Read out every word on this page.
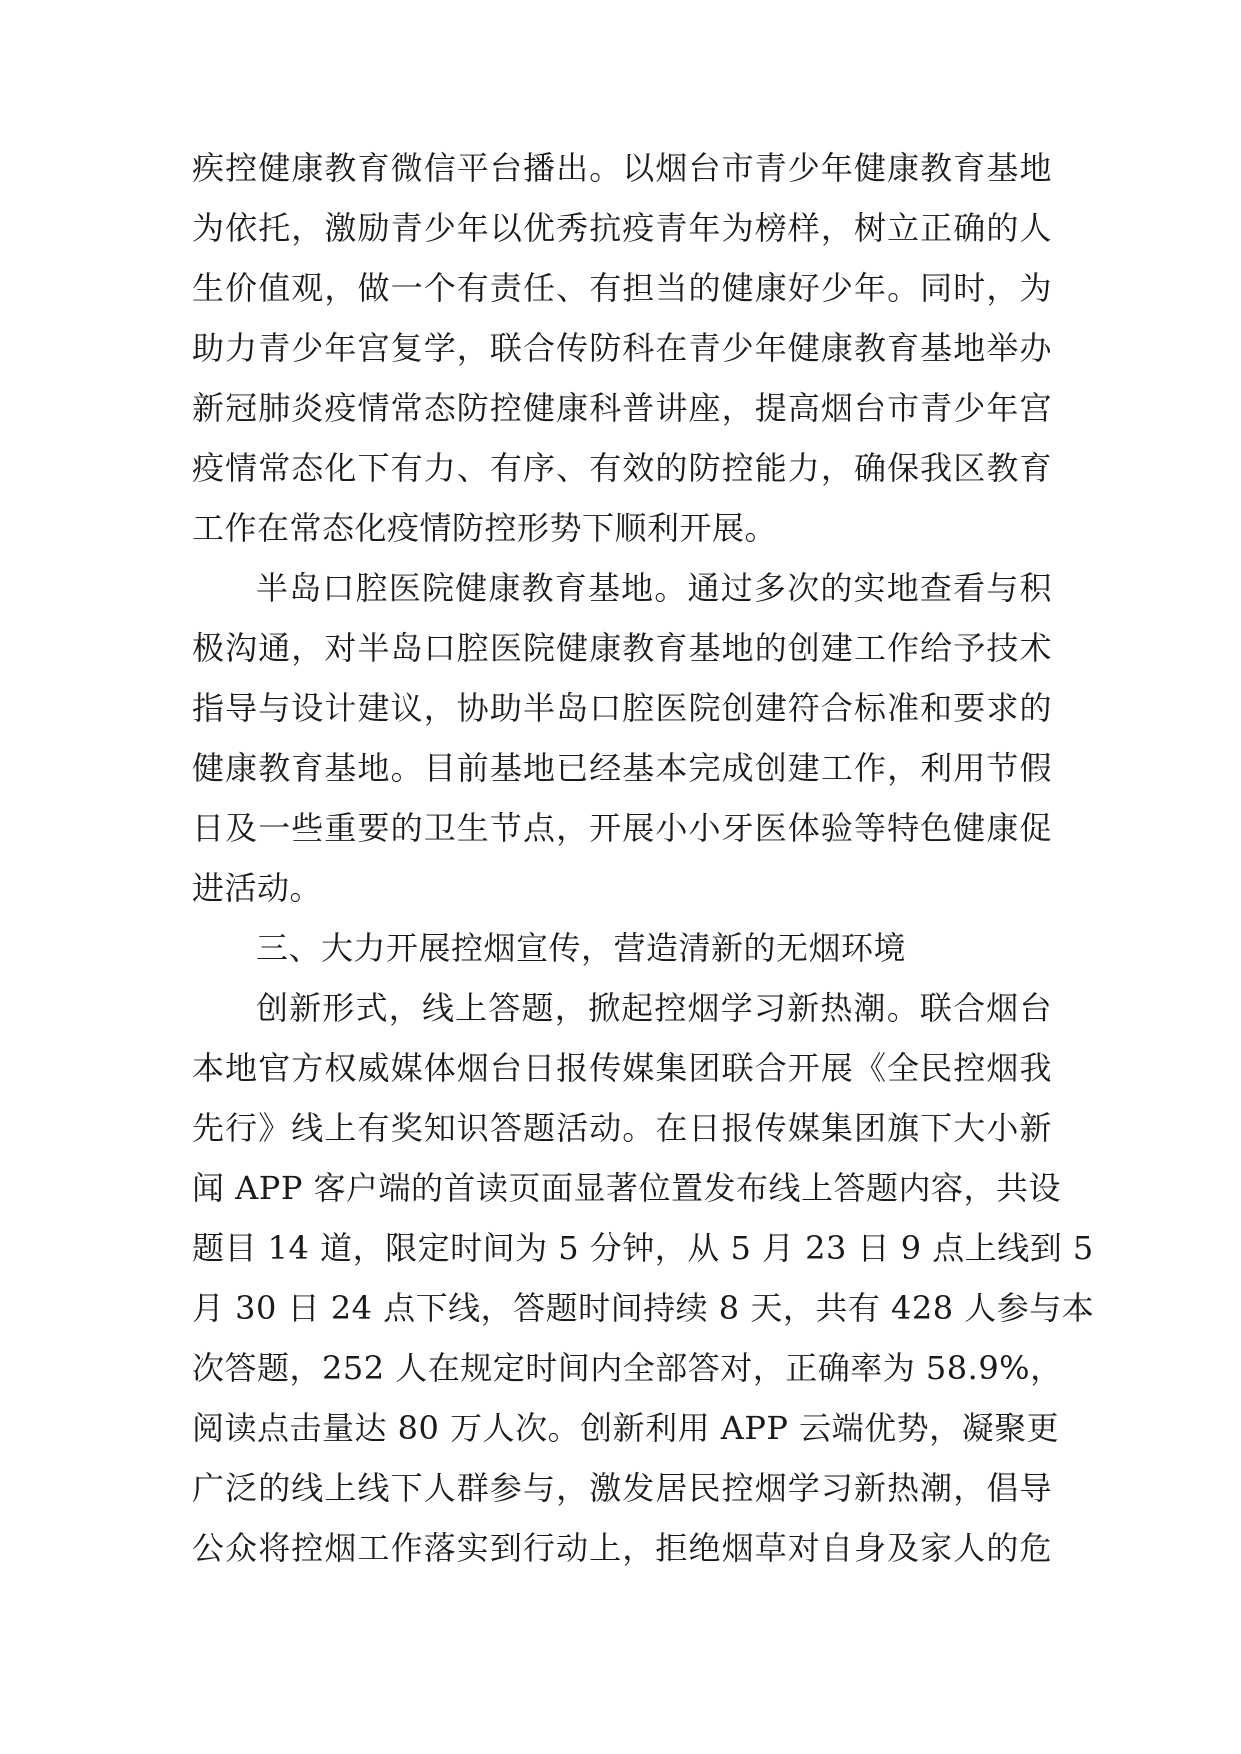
疾控健康教育微信平台播出。以烟台市青少年健康教育基地
为依托，激励青少年以优秀抗疫青年为榜样，树立正确的人
生价值观，做一个有责任、有担当的健康好少年。同时，为
助力青少年宫复学，联合传防科在青少年健康教育基地举办
新冠肺炎疫情常态防控健康科普讲座，提高烟台市青少年宫
疫情常态化下有力、有序、有效的防控能力，确保我区教育
工作在常态化疫情防控形势下顺利开展。
半岛口腔医院健康教育基地。通过多次的实地查看与积
极沟通，对半岛口腔医院健康教育基地的创建工作给予技术
指导与设计建议，协助半岛口腔医院创建符合标准和要求的
健康教育基地。目前基地已经基本完成创建工作，利用节假
日及一些重要的卫生节点，开展小小牙医体验等特色健康促
进活动。
三、大力开展控烟宣传，营造清新的无烟环境
创新形式，线上答题，掀起控烟学习新热潮。联合烟台
本地官方权威媒体烟台日报传媒集团联合开展《全民控烟我
先行》线上有奖知识答题活动。在日报传媒集团旗下大小新
闻 APP 客户端的首读页面显著位置发布线上答题内容，共设
题目 14 道，限定时间为 5 分钟，从 5 月 23 日 9 点上线到 5
月 30 日 24 点下线，答题时间持续 8 天，共有 428 人参与本
次答题，252 人在规定时间内全部答对，正确率为 58.9%，
阅读点击量达 80 万人次。创新利用 APP 云端优势，凝聚更
广泛的线上线下人群参与，激发居民控烟学习新热潮，倡导
公众将控烟工作落实到行动上，拒绝烟草对自身及家人的危
